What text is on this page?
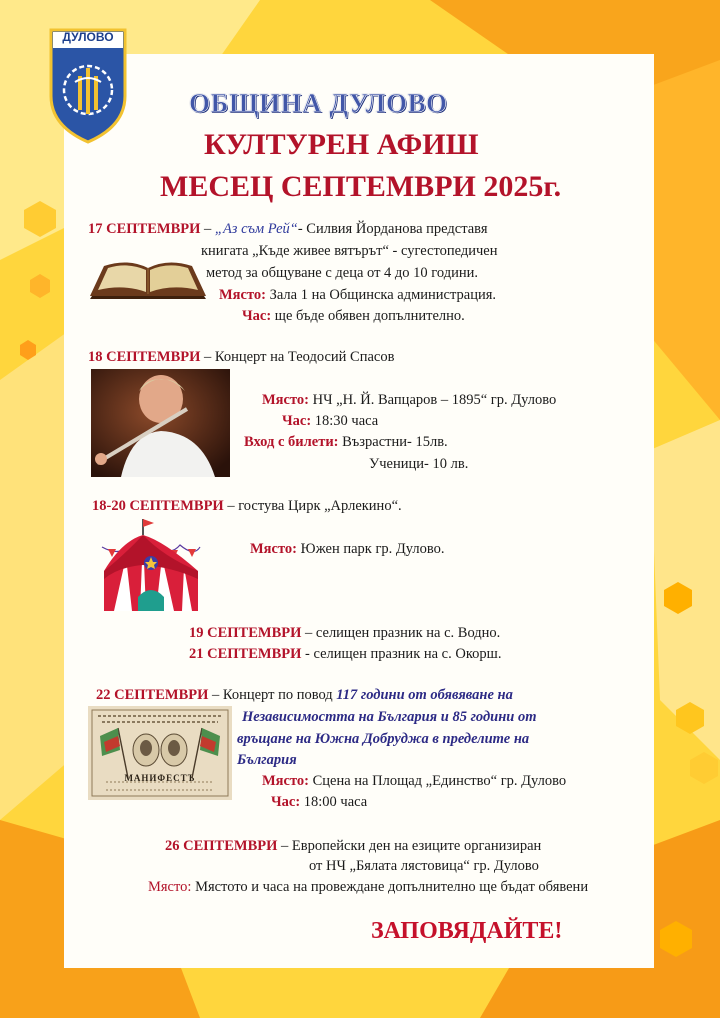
ДУЛОВО
ОБЩИНА ДУЛОВО
КУЛТУРЕН АФИШ
МЕСЕЦ СЕПТЕМВРИ 2025г.
17 СЕПТЕМВРИ – „Аз съм Рей“- Силвия Йорданова представя
книгата „Къде живее вятърът“ - сугестопедичен
метод за общуване с деца от 4 до 10 години.
Място: Зала 1 на Общинска администрация.
Час: ще бъде обявен допълнително.
18 СЕПТЕМВРИ – Концерт на Теодосий Спасов
Място: НЧ „Н. Й. Вапцаров – 1895“ гр. Дулово
Час: 18:30 часа
Вход с билети: Възрастни- 15лв.
Ученици- 10 лв.
18-20 СЕПТЕМВРИ – гостува Цирк „Арлекино“.
Място: Южен парк гр. Дулово.
19 СЕПТЕМВРИ – селищен празник на с. Водно.
21 СЕПТЕМВРИ - селищен празник на с. Окорш.
22 СЕПТЕМВРИ – Концерт по повод 117 години от обявяване на
Независимостта на България и 85 години от
връщане на Южна Добруджа в пределите на
България
Място: Сцена на Площад „Единство“ гр. Дулово
Час: 18:00 часа
МАНИФЕСТЪ
26 СЕПТЕМВРИ – Европейски ден на езиците организиран
от НЧ „Бялата лястовица“ гр. Дулово
Място: Мястото и часа на провеждане допълнително ще бъдат обявени
ЗАПОВЯДАЙТЕ!
